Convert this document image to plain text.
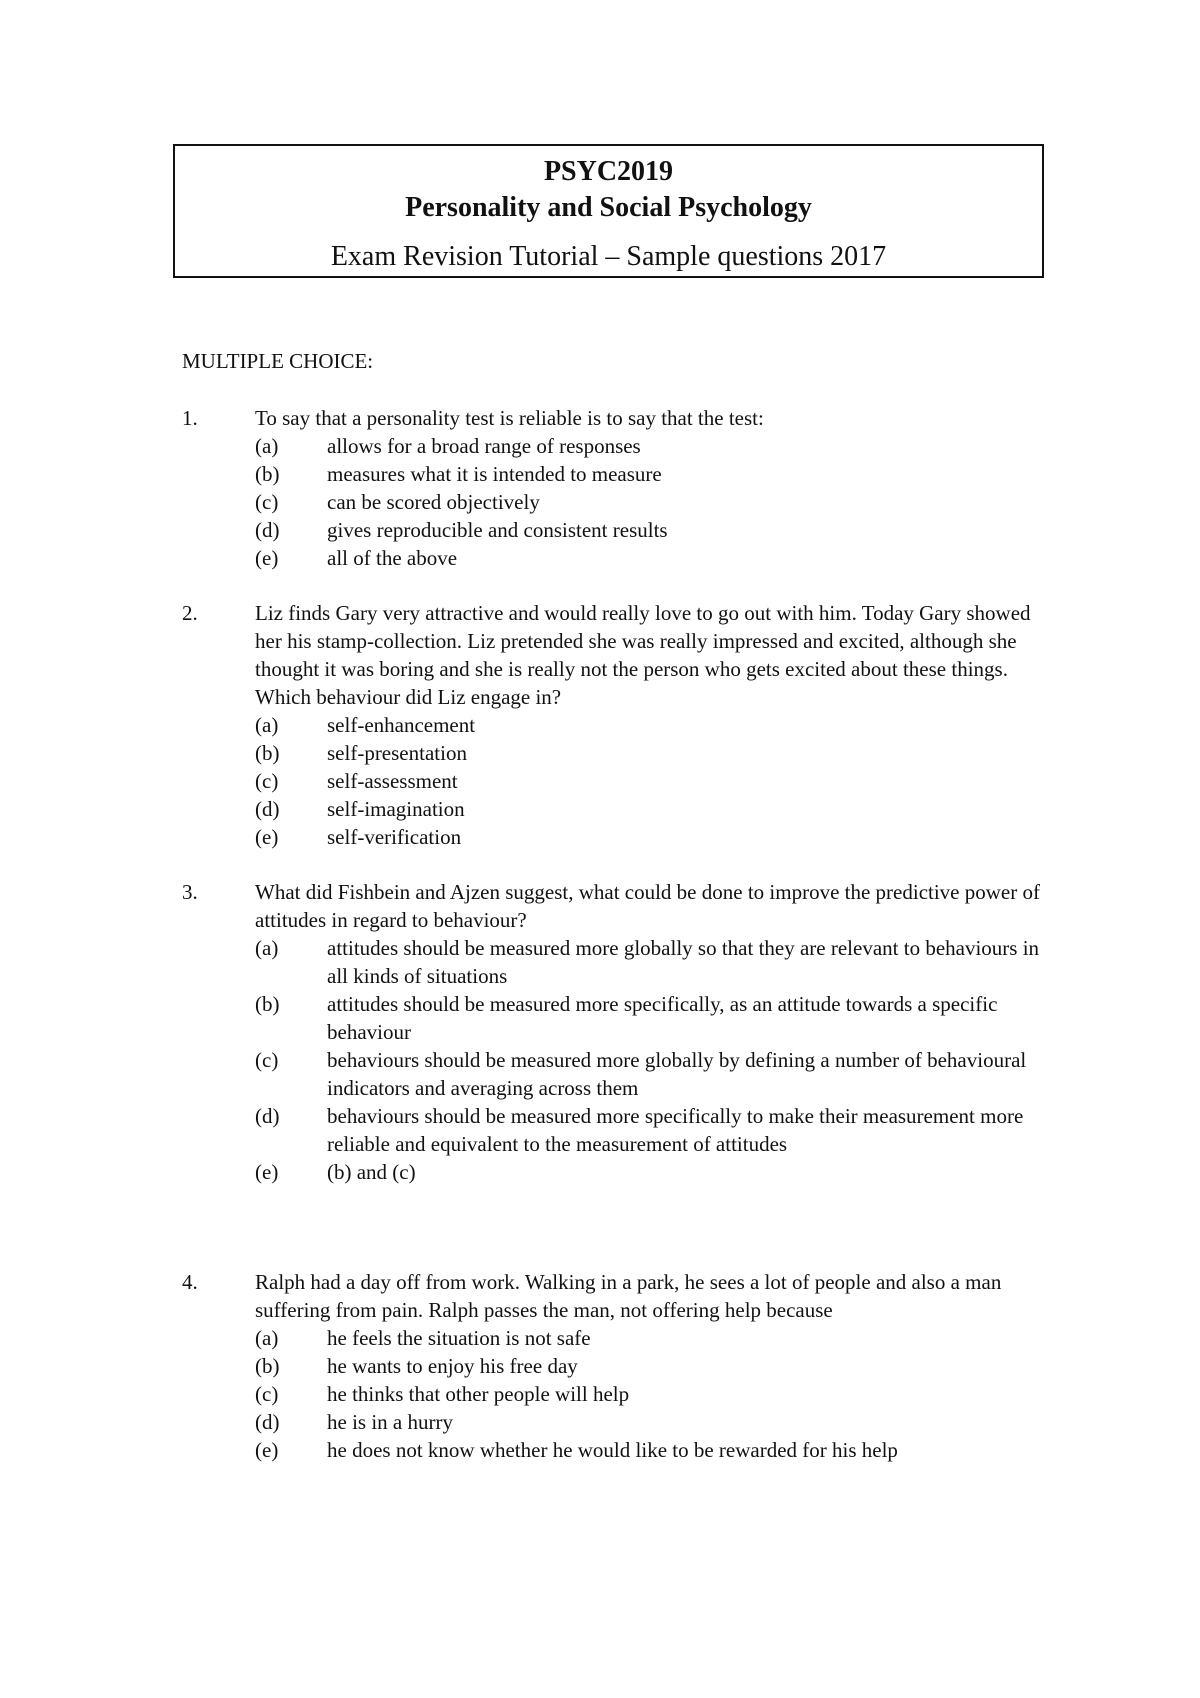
PSYC2019
Personality and Social Psychology
Exam Revision Tutorial – Sample questions 2017
MULTIPLE CHOICE:
1.	To say that a personality test is reliable is to say that the test:
(a) allows for a broad range of responses
(b) measures what it is intended to measure
(c) can be scored objectively
(d) gives reproducible and consistent results
(e) all of the above
2.	Liz finds Gary very attractive and would really love to go out with him. Today Gary showed her his stamp-collection. Liz pretended she was really impressed and excited, although she thought it was boring and she is really not the person who gets excited about these things. Which behaviour did Liz engage in?
(a) self-enhancement
(b) self-presentation
(c) self-assessment
(d) self-imagination
(e) self-verification
3.	What did Fishbein and Ajzen suggest, what could be done to improve the predictive power of attitudes in regard to behaviour?
(a) attitudes should be measured more globally so that they are relevant to behaviours in all kinds of situations
(b) attitudes should be measured more specifically, as an attitude towards a specific behaviour
(c) behaviours should be measured more globally by defining a number of behavioural indicators and averaging across them
(d) behaviours should be measured more specifically to make their measurement more reliable and equivalent to the measurement of attitudes
(e) (b) and (c)
4.	Ralph had a day off from work. Walking in a park, he sees a lot of people and also a man suffering from pain. Ralph passes the man, not offering help because
(a) he feels the situation is not safe
(b) he wants to enjoy his free day
(c) he thinks that other people will help
(d) he is in a hurry
(e) he does not know whether he would like to be rewarded for his help
